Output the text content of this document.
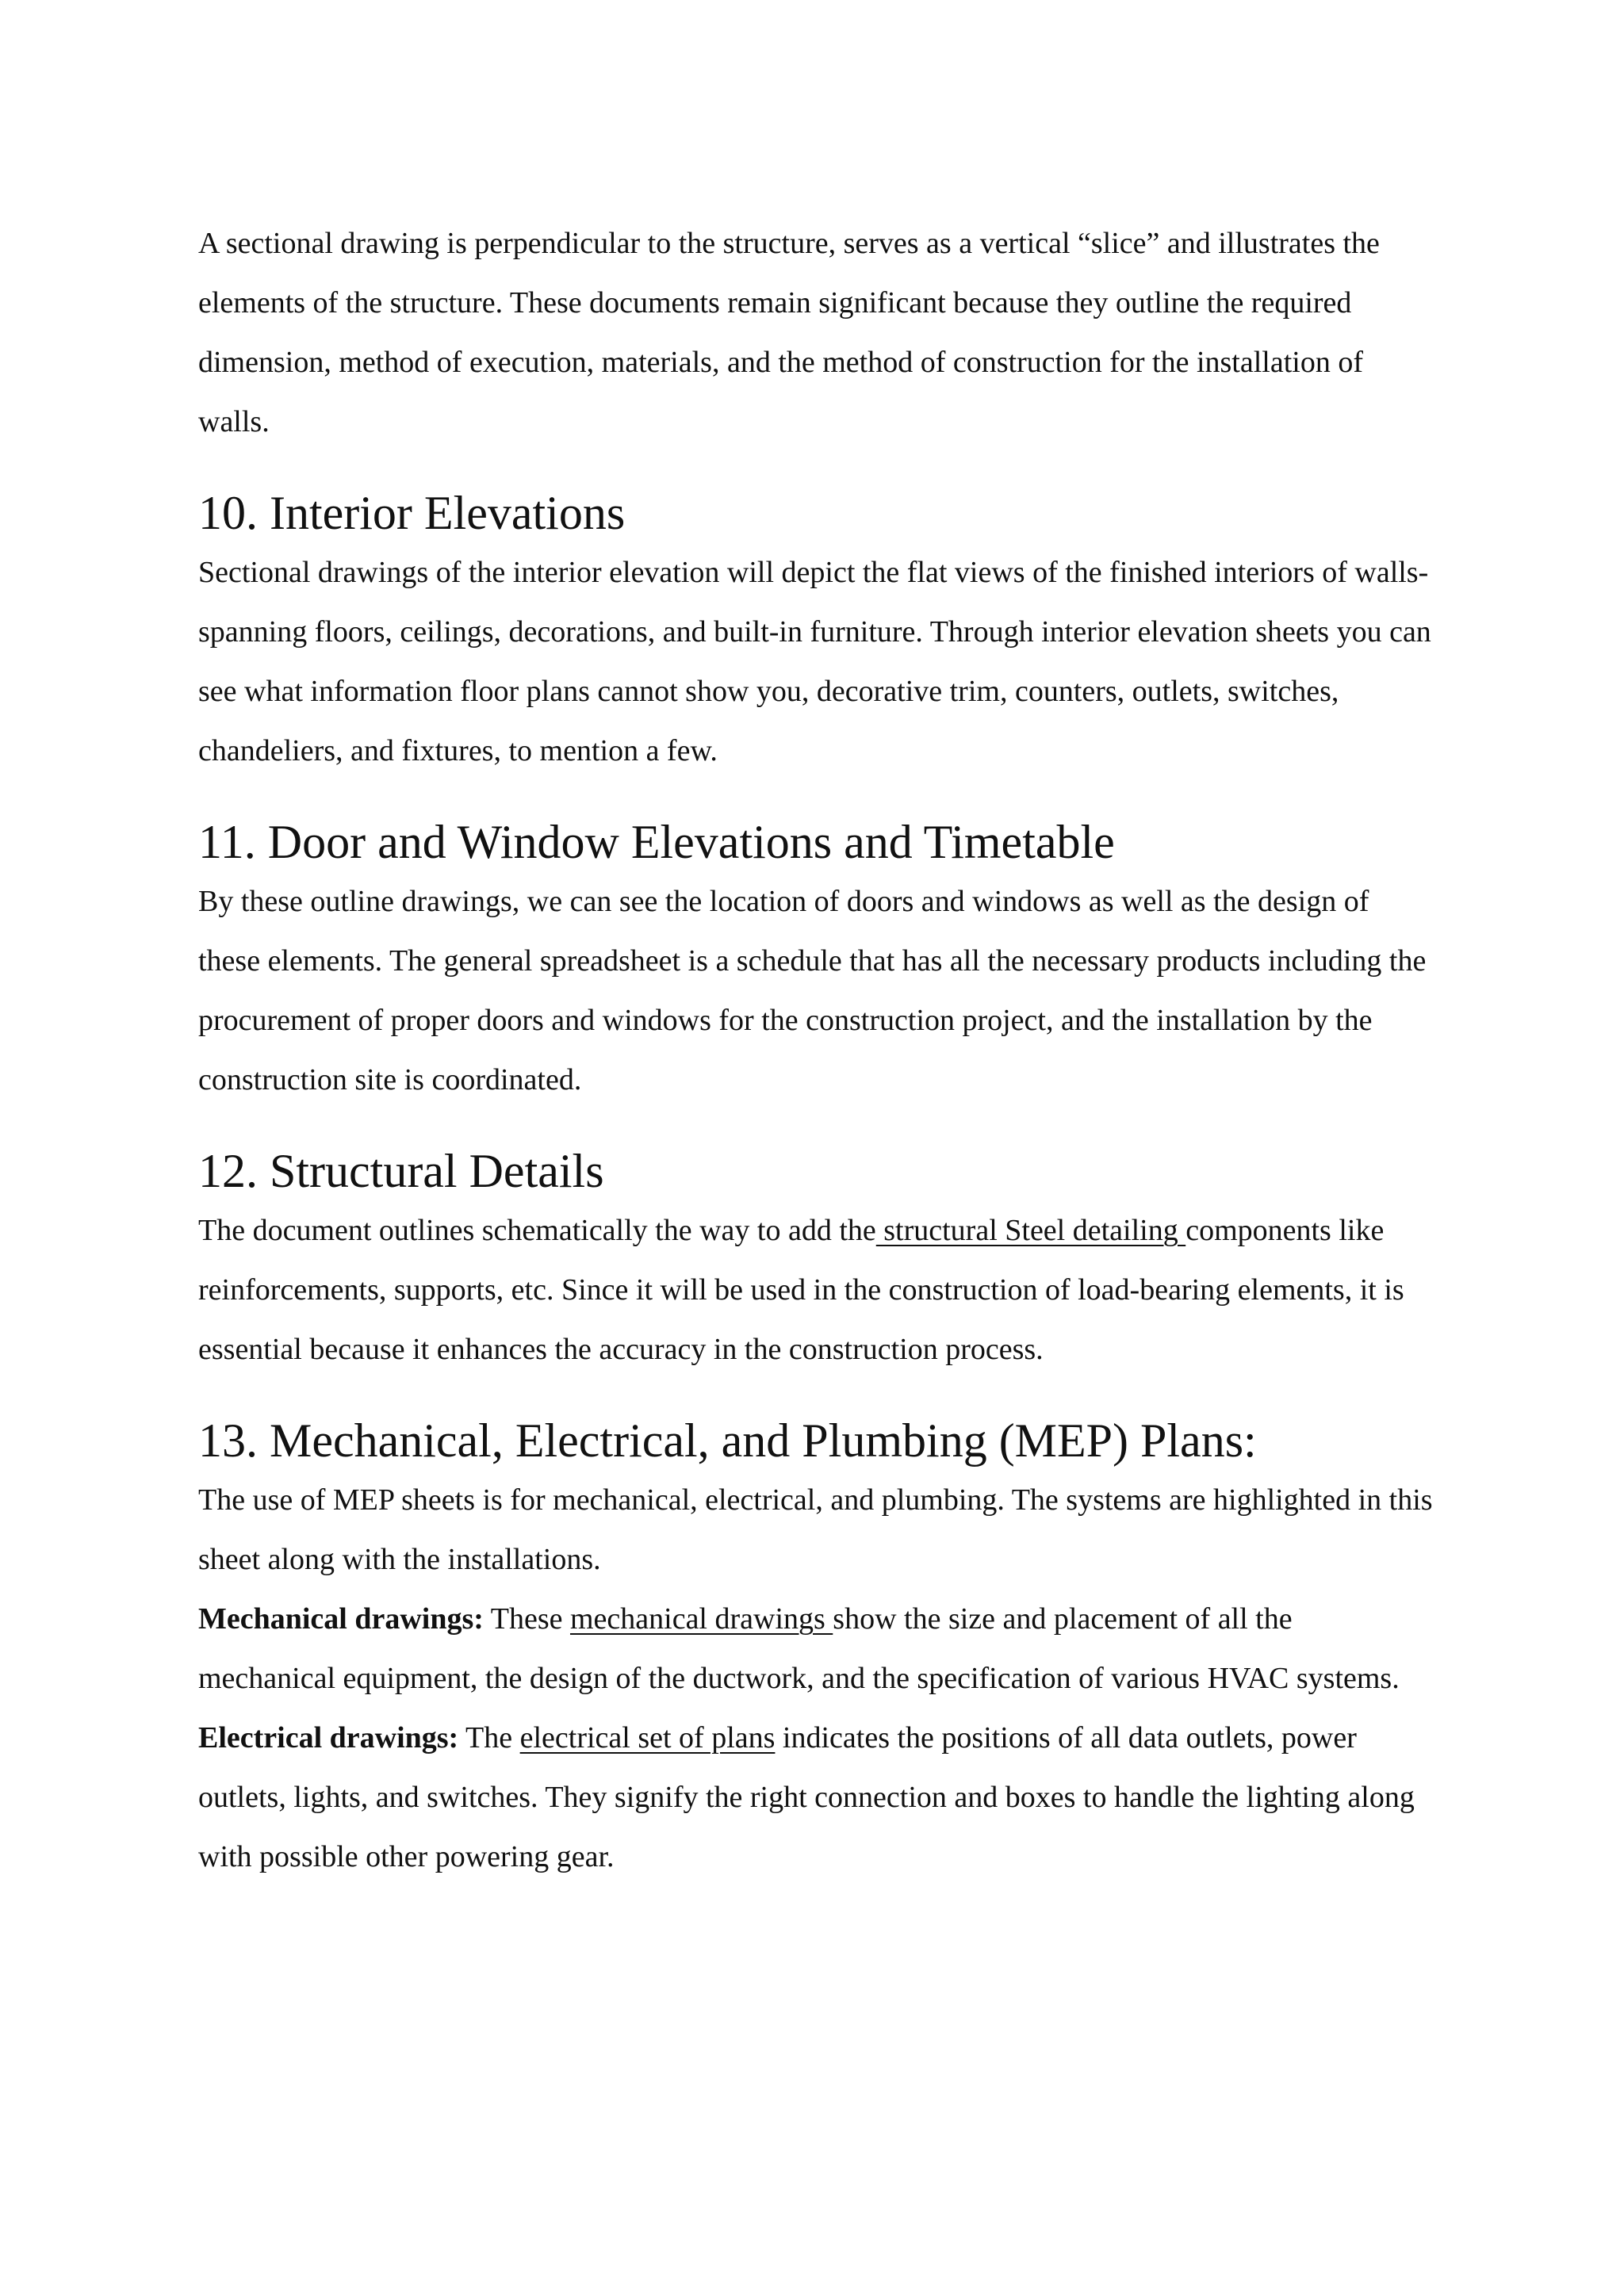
A sectional drawing is perpendicular to the structure, serves as a vertical “slice” and illustrates the elements of the structure. These documents remain significant because they outline the required dimension, method of execution, materials, and the method of construction for the installation of walls.

10. Interior Elevations

Sectional drawings of the interior elevation will depict the flat views of the finished interiors of walls- spanning floors, ceilings, decorations, and built-in furniture. Through interior elevation sheets you can see what information floor plans cannot show you, decorative trim, counters, outlets, switches, chandeliers, and fixtures, to mention a few.

11. Door and Window Elevations and Timetable

By these outline drawings, we can see the location of doors and windows as well as the design of these elements. The general spreadsheet is a schedule that has all the necessary products including the procurement of proper doors and windows for the construction project, and the installation by the construction site is coordinated.

12. Structural Details

The document outlines schematically the way to add the structural Steel detailing components like reinforcements, supports, etc. Since it will be used in the construction of load-bearing elements, it is essential because it enhances the accuracy in the construction process.

13. Mechanical, Electrical, and Plumbing (MEP) Plans:

The use of MEP sheets is for mechanical, electrical, and plumbing. The systems are highlighted in this sheet along with the installations.

Mechanical drawings: These mechanical drawings show the size and placement of all the mechanical equipment, the design of the ductwork, and the specification of various HVAC systems.

Electrical drawings: The electrical set of plans indicates the positions of all data outlets, power outlets, lights, and switches. They signify the right connection and boxes to handle the lighting along with possible other powering gear.
